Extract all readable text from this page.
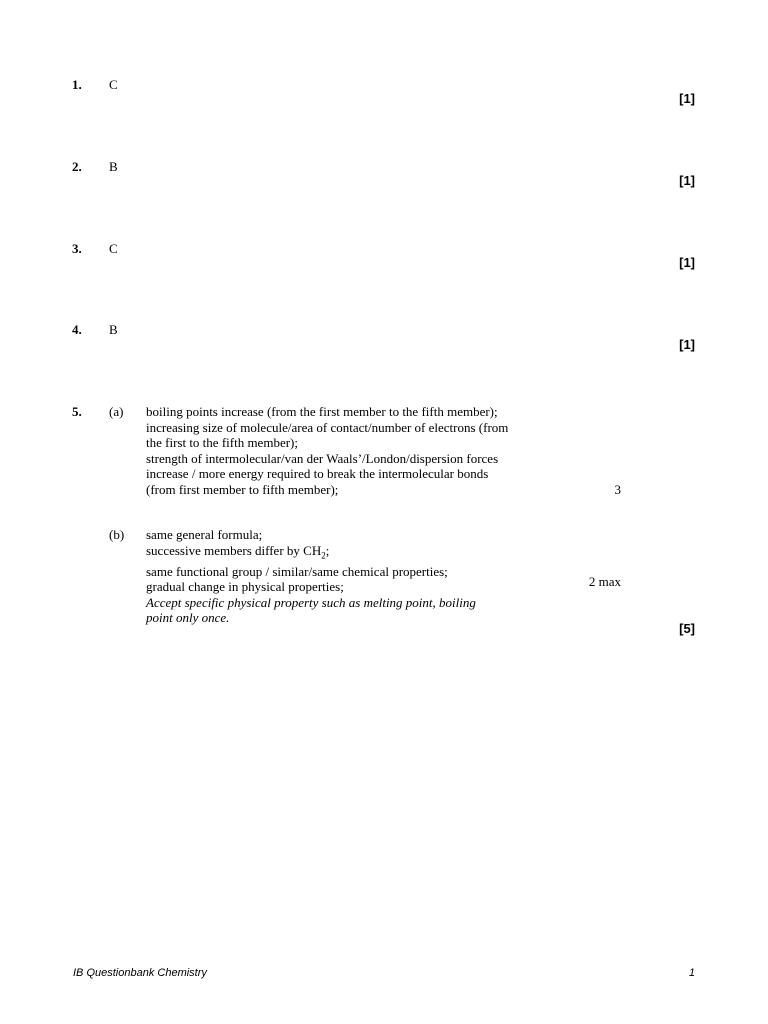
1. C
[1]
2. B
[1]
3. C
[1]
4. B
[1]
5. (a) boiling points increase (from the first member to the fifth member);
increasing size of molecule/area of contact/number of electrons (from
the first to the fifth member);
strength of intermolecular/van der Waals’/London/dispersion forces
increase / more energy required to break the intermolecular bonds
(from first member to fifth member);	3
(b) same general formula;
successive members differ by $CH_2$;
same functional group / similar/same chemical properties;
gradual change in physical properties;
Accept specific physical property such as melting point, boiling
point only once.
2 max
[5]
IB Questionbank Chemistry	1
